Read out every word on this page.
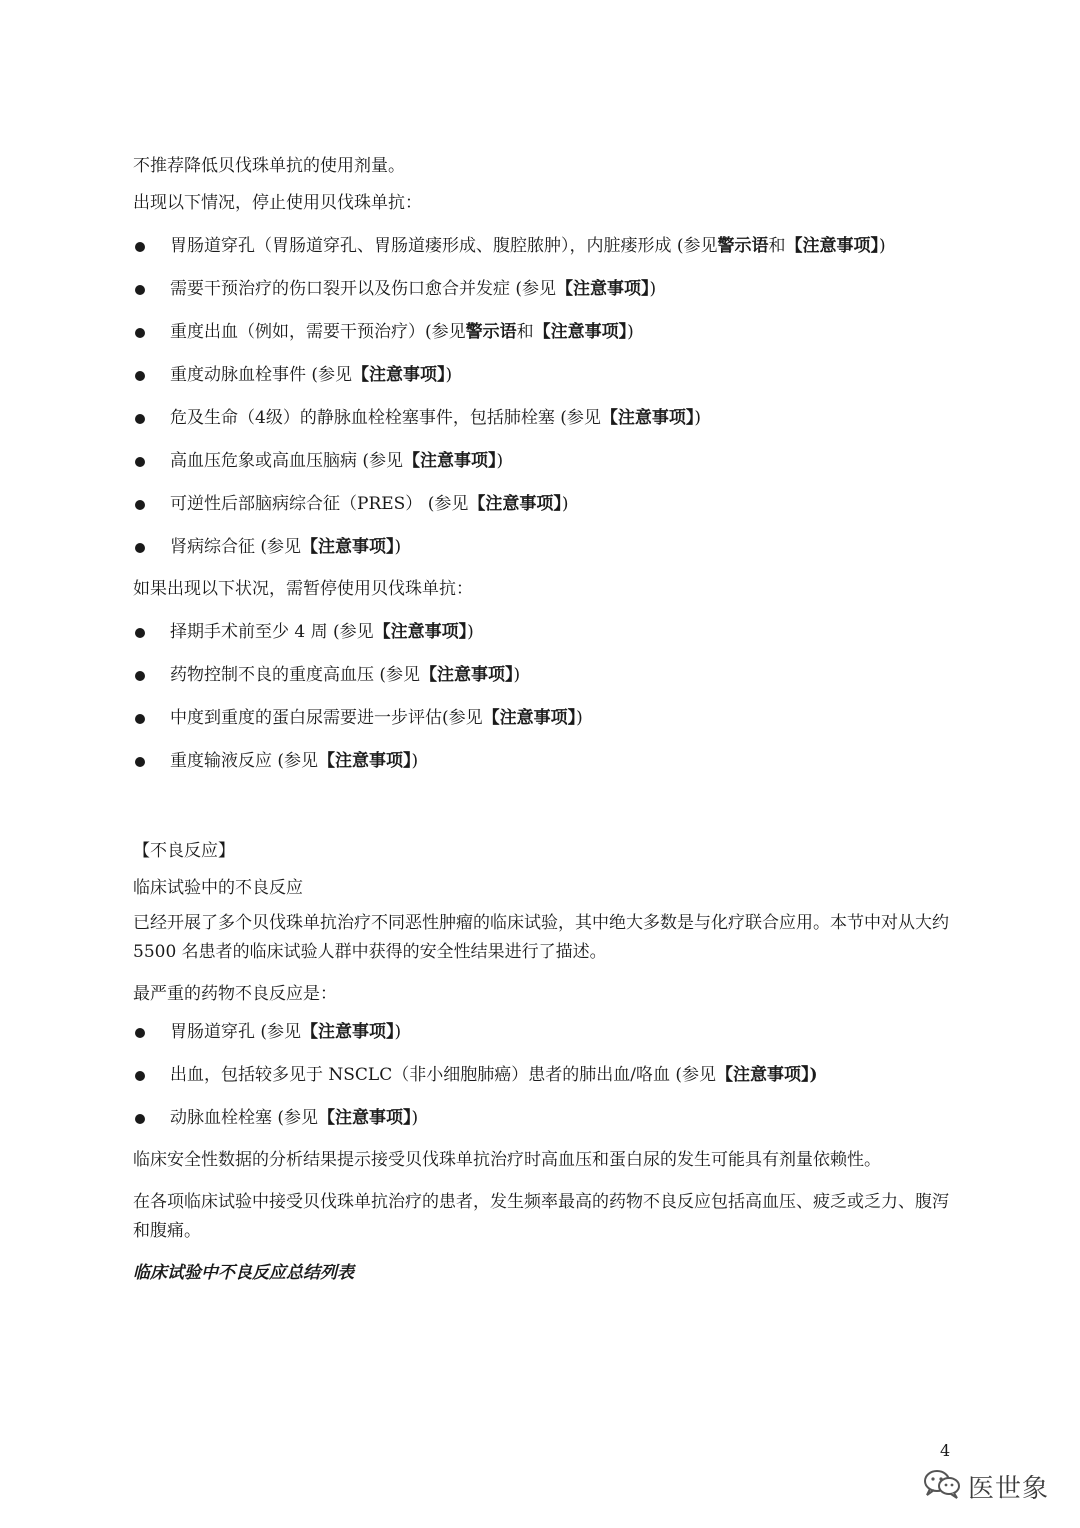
不推荐降低贝伐珠单抗的使用剂量。

出现以下情况，停止使用贝伐珠单抗：

胃肠道穿孔（胃肠道穿孔、胃肠道瘘形成、腹腔脓肿），内脏瘘形成 (参见警示语和【注意事项】)
需要干预治疗的伤口裂开以及伤口愈合并发症 (参见【注意事项】)
重度出血（例如，需要干预治疗）(参见警示语和【注意事项】)
重度动脉血栓事件 (参见【注意事项】)
危及生命（4级）的静脉血栓栓塞事件，包括肺栓塞 (参见【注意事项】)
高血压危象或高血压脑病 (参见【注意事项】)
可逆性后部脑病综合征（PRES） (参见【注意事项】)
肾病综合征 (参见【注意事项】)

如果出现以下状况，需暂停使用贝伐珠单抗：

择期手术前至少 4 周 (参见【注意事项】)
药物控制不良的重度高血压 (参见【注意事项】)
中度到重度的蛋白尿需要进一步评估(参见【注意事项】)
重度输液反应 (参见【注意事项】)

【不良反应】

临床试验中的不良反应

已经开展了多个贝伐珠单抗治疗不同恶性肿瘤的临床试验，其中绝大多数是与化疗联合应用。本节中对从大约 5500 名患者的临床试验人群中获得的安全性结果进行了描述。

最严重的药物不良反应是：

胃肠道穿孔 (参见【注意事项】)
出血，包括较多见于 NSCLC（非小细胞肺癌）患者的肺出血/咯血 (参见【注意事项】)
动脉血栓栓塞 (参见【注意事项】)

临床安全性数据的分析结果提示接受贝伐珠单抗治疗时高血压和蛋白尿的发生可能具有剂量依赖性。

在各项临床试验中接受贝伐珠单抗治疗的患者，发生频率最高的药物不良反应包括高血压、疲乏或乏力、腹泻和腹痛。

临床试验中不良反应总结列表

4
医世象
